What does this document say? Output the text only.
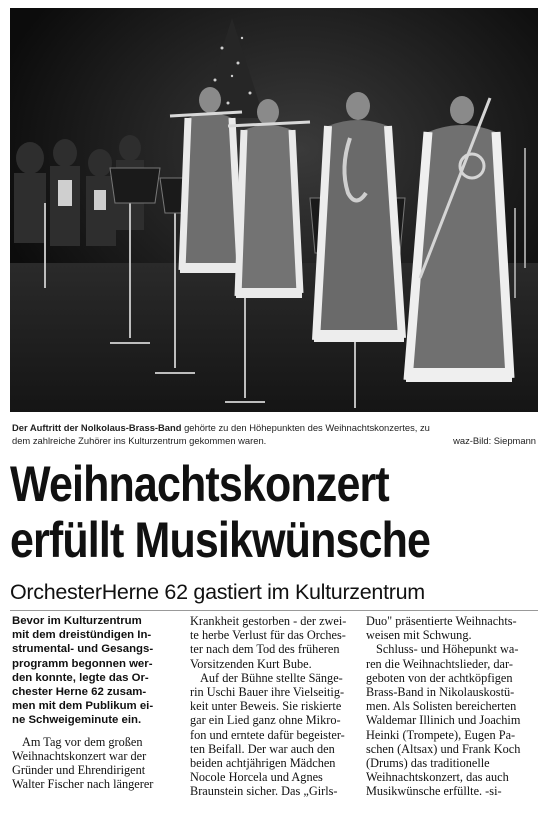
Der Auftritt der Nolkolaus-Brass-Band gehörte zu den Höhepunkten des Weihnachtskonzertes, zu
dem zahlreiche Zuhörer ins Kulturzentrum gekommen waren.	waz-Bild: Siepmann
Weihnachtskonzert
erfüllt Musikwünsche
OrchesterHerne 62 gastiert im Kulturzentrum
Bevor im Kulturzentrum
mit dem dreistündigen In-
strumental- und Gesangs-
programm begonnen wer-
den konnte, legte das Or-
chester Herne 62 zusam-
men mit dem Publikum ei-
ne Schweigeminute ein.
Am Tag vor dem großen
Weihnachtskonzert war der
Gründer und Ehrendirigent
Walter Fischer nach längerer
Krankheit gestorben - der zwei-
te herbe Verlust für das Orches-
ter nach dem Tod des früheren
Vorsitzenden Kurt Bube.
Auf der Bühne stellte Sänge-
rin Uschi Bauer ihre Vielseitig-
keit unter Beweis. Sie riskierte
gar ein Lied ganz ohne Mikro-
fon und erntete dafür begeister-
ten Beifall. Der war auch den
beiden achtjährigen Mädchen
Nocole Horcela und Agnes
Braunstein sicher. Das „Girls-
Duo" präsentierte Weihnachts-
weisen mit Schwung.
Schluss- und Höhepunkt wa-
ren die Weihnachtslieder, dar-
geboten von der achtköpfigen
Brass-Band in Nikolauskostü-
men. Als Solisten bereicherten
Waldemar Illinich und Joachim
Heinki (Trompete), Eugen Pa-
schen (Altsax) und Frank Koch
(Drums) das traditionelle
Weihnachtskonzert, das auch
Musikwünsche erfüllte. -si-
